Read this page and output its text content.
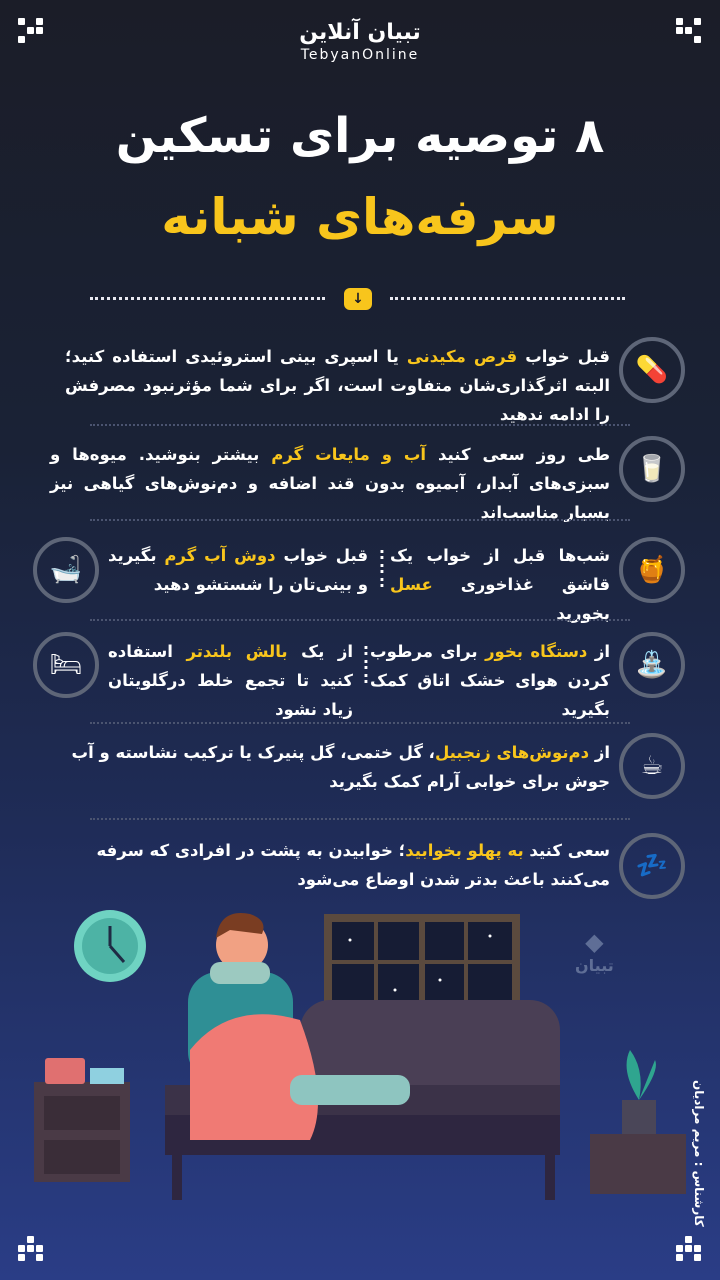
تبیان آنلاین
TebyanOnline
۸ توصیه برای تسکین
سرفه‌های شبانه
↓
💊
قبل خواب قرص مکیدنی یا اسپری بینی استروئیدی استفاده کنید؛ البته اثرگذاری‌شان متفاوت است، اگر برای شما مؤثرنبود مصرفش را ادامه ندهید
🥛
طی روز سعی کنید آب و مایعات گرم بیشتر بنوشید. میوه‌ها و سبزی‌های آبدار، آبمیوه بدون قند اضافه و دم‌نوش‌های گیاهی نیز بسیار مناسب‌اند
🍯
شب‌ها قبل از خواب یک قاشق غذاخوری عسل بخورید
:
:
:
🛁	قبل خواب دوش آب گرم بگیرید و بینی‌تان را شستشو دهید
⛲
از دستگاه بخور برای مرطوب کردن هوای خشک اتاق کمک بگیرید
:
:
:
🛏	از یک بالش بلندتر استفاده کنید تا تجمع خلط درگلویتان زیاد نشود
☕
از دم‌نوش‌های زنجبیل، گل ختمی، گل پنیرک یا ترکیب نشاسته و آب جوش برای خوابی آرام کمک بگیرید
💤
سعی کنید به پهلو بخوابید؛ خوابیدن به پشت در افرادی که سرفه می‌کنند باعث بدتر شدن اوضاع می‌شود
◆
تبیان
کارشناس : مریم مرادیان
